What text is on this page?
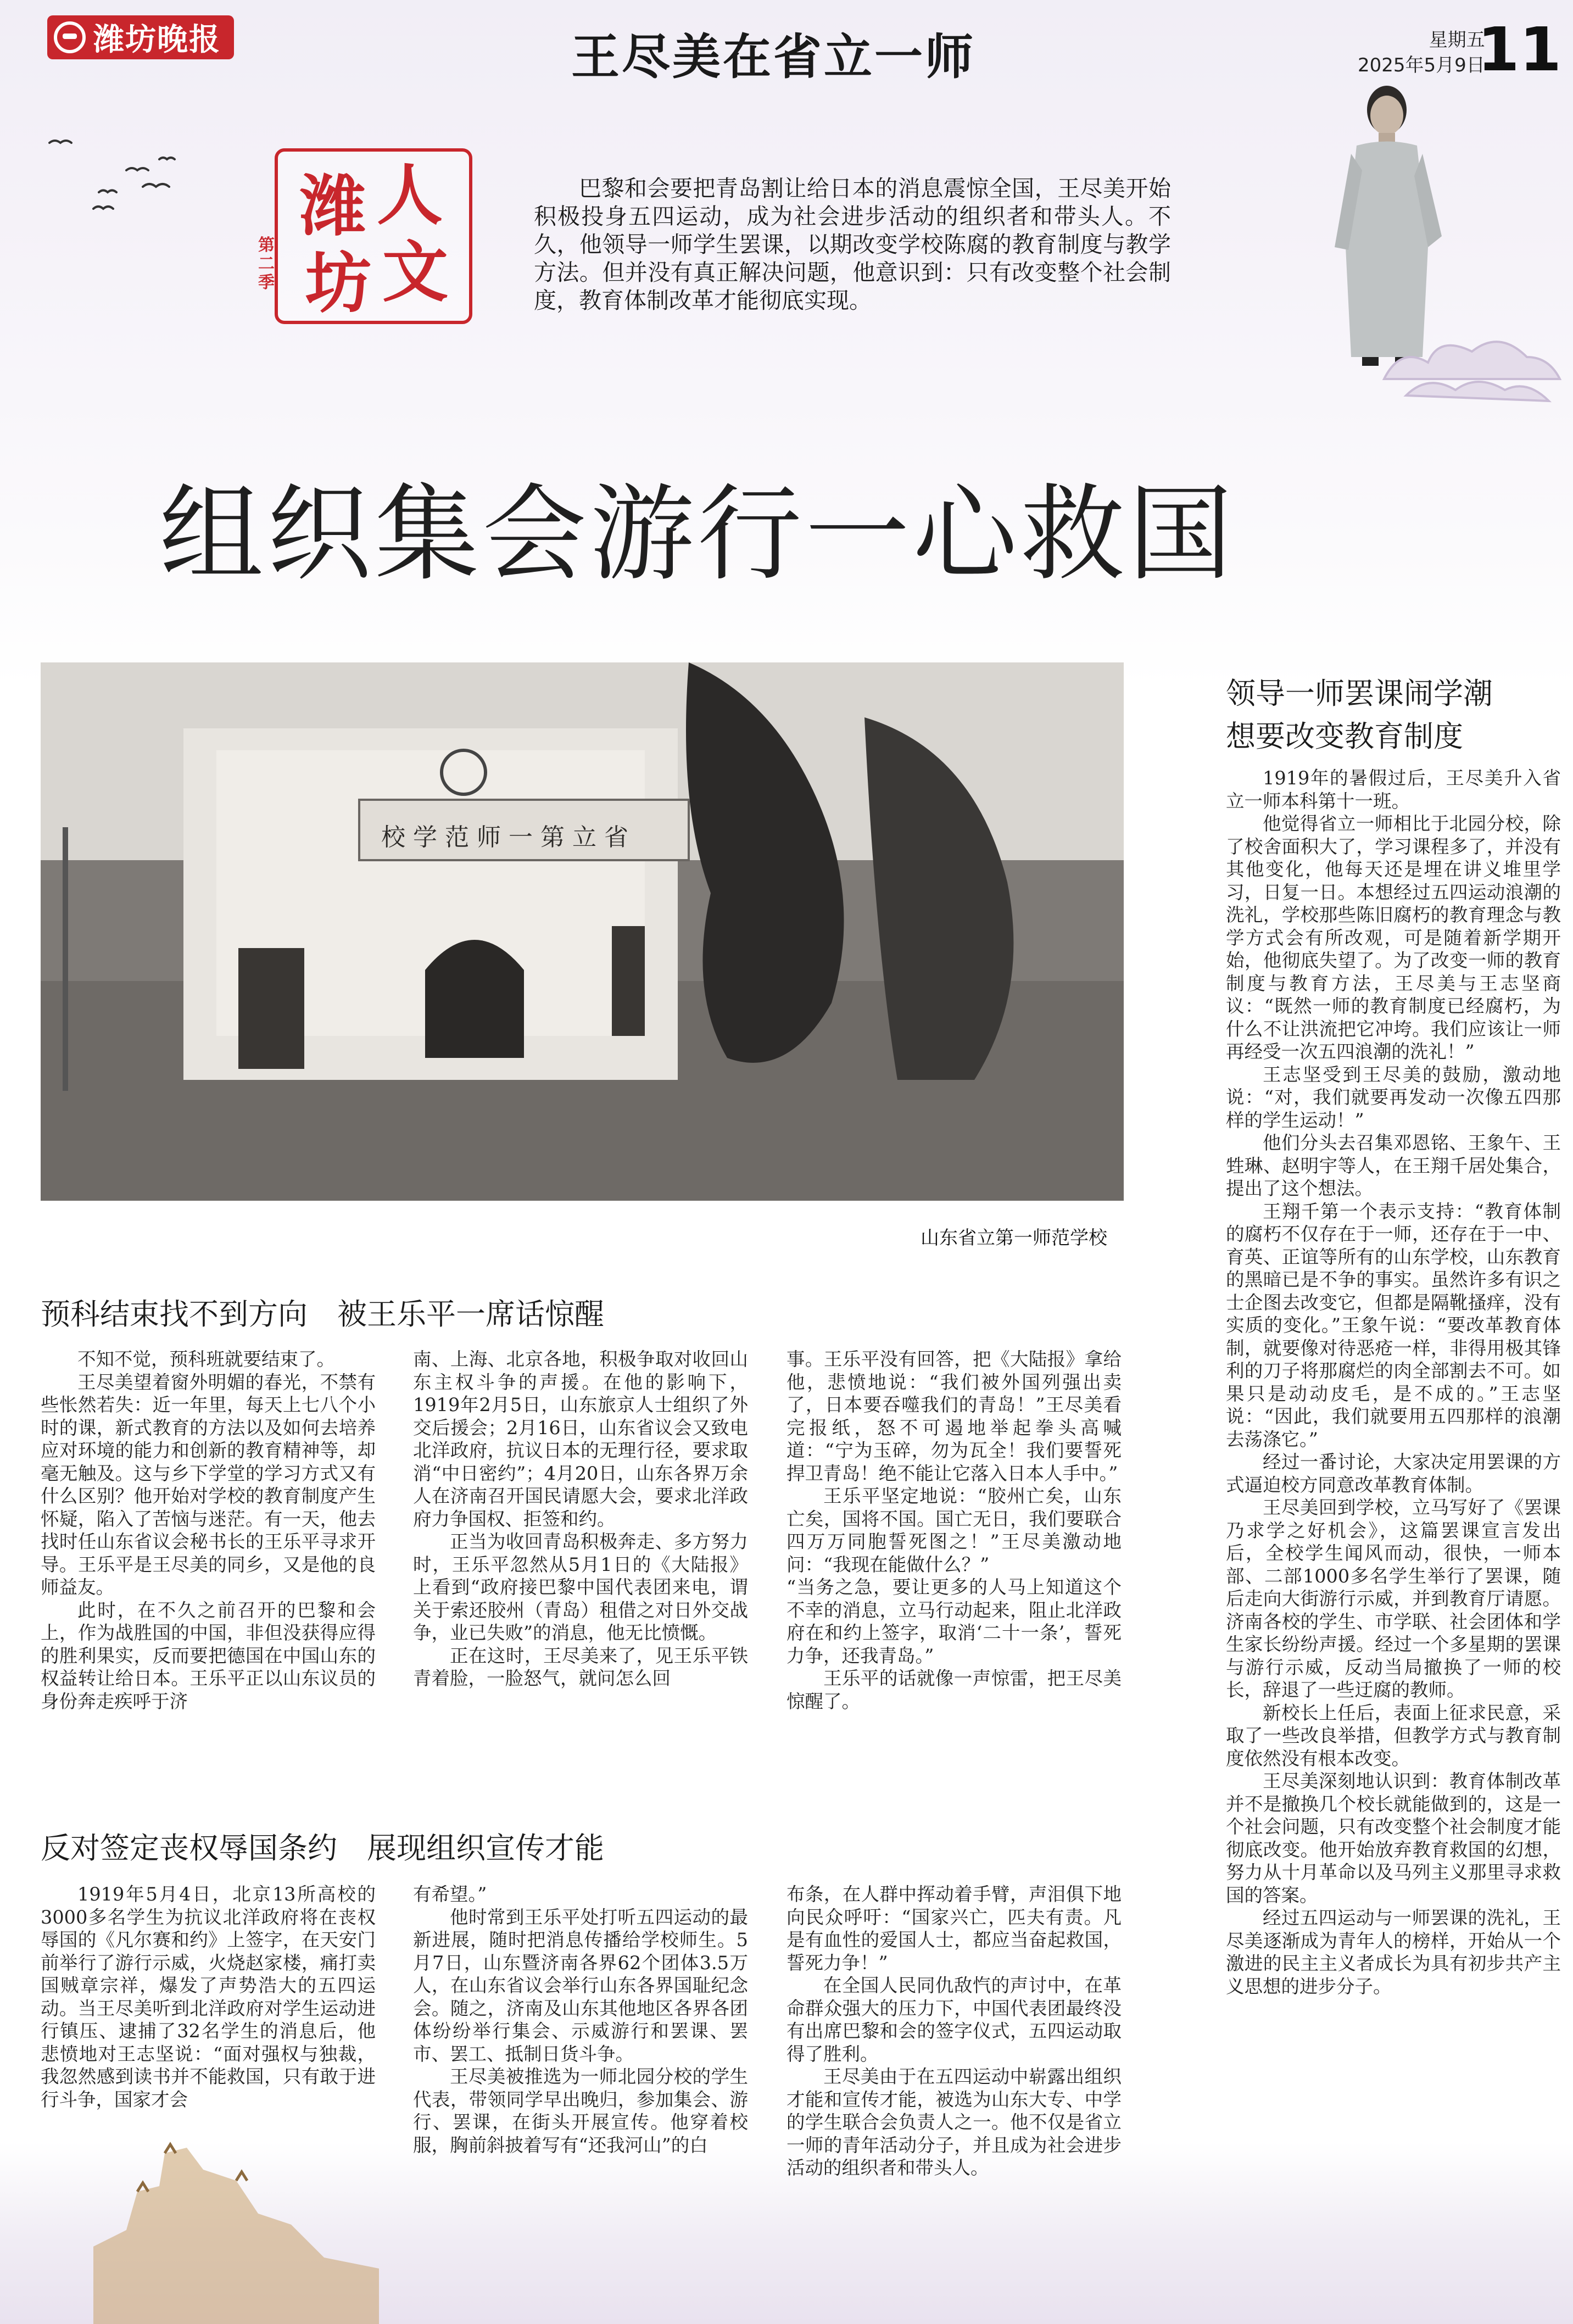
潍坊晚报	王尽美在省立一师	星期五
2025年5月9日
11
人
潍
文
坊
第二季
巴黎和会要把青岛割让给日本的消息震惊全国，王尽美开始积极投身五四运动，成为社会进步活动的组织者和带头人。不久，他领导一师学生罢课，以期改变学校陈腐的教育制度与教学方法。但并没有真正解决问题，他意识到：只有改变整个社会制度，教育体制改革才能彻底实现。
组织集会游行一心救国
省立第一师范学校
山东省立第一师范学校
预科结束找不到方向　被王乐平一席话惊醒

不知不觉，预科班就要结束了。

王尽美望着窗外明媚的春光，不禁有些怅然若失：近一年里，每天上七八个小时的课，新式教育的方法以及如何去培养应对环境的能力和创新的教育精神等，却毫无触及。这与乡下学堂的学习方式又有什么区别？他开始对学校的教育制度产生怀疑，陷入了苦恼与迷茫。有一天，他去找时任山东省议会秘书长的王乐平寻求开导。王乐平是王尽美的同乡，又是他的良师益友。

此时，在不久之前召开的巴黎和会上，作为战胜国的中国，非但没获得应得的胜利果实，反而要把德国在中国山东的权益转让给日本。王乐平正以山东议员的身份奔走疾呼于济

南、上海、北京各地，积极争取对收回山东主权斗争的声援。在他的影响下，1919年2月5日，山东旅京人士组织了外交后援会；2月16日，山东省议会又致电北洋政府，抗议日本的无理行径，要求取消“中日密约”；4月20日，山东各界万余人在济南召开国民请愿大会，要求北洋政府力争国权、拒签和约。

正当为收回青岛积极奔走、多方努力时，王乐平忽然从5月1日的《大陆报》上看到“政府接巴黎中国代表团来电，谓关于索还胶州（青岛）租借之对日外交战争，业已失败”的消息，他无比愤慨。

正在这时，王尽美来了，见王乐平铁青着脸，一脸怒气，就问怎么回

事。王乐平没有回答，把《大陆报》拿给他，悲愤地说：“我们被外国列强出卖了，日本要吞噬我们的青岛！”王尽美看完报纸，怒不可遏地举起拳头高喊道：“宁为玉碎，勿为瓦全！我们要誓死捍卫青岛！绝不能让它落入日本人手中。”

王乐平坚定地说：“胶州亡矣，山东亡矣，国将不国。国亡无日，我们要联合四万万同胞誓死图之！”王尽美激动地问：“我现在能做什么？”

“当务之急，要让更多的人马上知道这个不幸的消息，立马行动起来，阻止北洋政府在和约上签字，取消‘二十一条’，誓死力争，还我青岛。”

王乐平的话就像一声惊雷，把王尽美惊醒了。

反对签定丧权辱国条约　展现组织宣传才能

1919年5月4日，北京13所高校的3000多名学生为抗议北洋政府将在丧权辱国的《凡尔赛和约》上签字，在天安门前举行了游行示威，火烧赵家楼，痛打卖国贼章宗祥，爆发了声势浩大的五四运动。当王尽美听到北洋政府对学生运动进行镇压、逮捕了32名学生的消息后，他悲愤地对王志坚说：“面对强权与独裁，我忽然感到读书并不能救国，只有敢于进行斗争，国家才会

有希望。”

他时常到王乐平处打听五四运动的最新进展，随时把消息传播给学校师生。5月7日，山东暨济南各界62个团体3.5万人，在山东省议会举行山东各界国耻纪念会。随之，济南及山东其他地区各界各团体纷纷举行集会、示威游行和罢课、罢市、罢工、抵制日货斗争。

王尽美被推选为一师北园分校的学生代表，带领同学早出晚归，参加集会、游行、罢课，在街头开展宣传。他穿着校服，胸前斜披着写有“还我河山”的白

布条，在人群中挥动着手臂，声泪俱下地向民众呼吁：“国家兴亡，匹夫有责。凡是有血性的爱国人士，都应当奋起救国，誓死力争！”

在全国人民同仇敌忾的声讨中，在革命群众强大的压力下，中国代表团最终没有出席巴黎和会的签字仪式，五四运动取得了胜利。

王尽美由于在五四运动中崭露出组织才能和宣传才能，被选为山东大专、中学的学生联合会负责人之一。他不仅是省立一师的青年活动分子，并且成为社会进步活动的组织者和带头人。

领导一师罢课闹学潮
想要改变教育制度

1919年的暑假过后，王尽美升入省立一师本科第十一班。

他觉得省立一师相比于北园分校，除了校舍面积大了，学习课程多了，并没有其他变化，他每天还是埋在讲义堆里学习，日复一日。本想经过五四运动浪潮的洗礼，学校那些陈旧腐朽的教育理念与教学方式会有所改观，可是随着新学期开始，他彻底失望了。为了改变一师的教育制度与教育方法，王尽美与王志坚商议：“既然一师的教育制度已经腐朽，为什么不让洪流把它冲垮。我们应该让一师再经受一次五四浪潮的洗礼！”

王志坚受到王尽美的鼓励，激动地说：“对，我们就要再发动一次像五四那样的学生运动！”

他们分头去召集邓恩铭、王象午、王甡琳、赵明宇等人，在王翔千居处集合，提出了这个想法。

王翔千第一个表示支持：“教育体制的腐朽不仅存在于一师，还存在于一中、育英、正谊等所有的山东学校，山东教育的黑暗已是不争的事实。虽然许多有识之士企图去改变它，但都是隔靴搔痒，没有实质的变化。”王象午说：“要改革教育体制，就要像对待恶疮一样，非得用极其锋利的刀子将那腐烂的肉全部割去不可。如果只是动动皮毛，是不成的。”王志坚说：“因此，我们就要用五四那样的浪潮去荡涤它。”

经过一番讨论，大家决定用罢课的方式逼迫校方同意改革教育体制。

王尽美回到学校，立马写好了《罢课乃求学之好机会》，这篇罢课宣言发出后，全校学生闻风而动，很快，一师本部、二部1000多名学生举行了罢课，随后走向大街游行示威，并到教育厅请愿。济南各校的学生、市学联、社会团体和学生家长纷纷声援。经过一个多星期的罢课与游行示威，反动当局撤换了一师的校长，辞退了一些迂腐的教师。

新校长上任后，表面上征求民意，采取了一些改良举措，但教学方式与教育制度依然没有根本改变。

王尽美深刻地认识到：教育体制改革并不是撤换几个校长就能做到的，这是一个社会问题，只有改变整个社会制度才能彻底改变。他开始放弃教育救国的幻想，努力从十月革命以及马列主义那里寻求救国的答案。

经过五四运动与一师罢课的洗礼，王尽美逐渐成为青年人的榜样，开始从一个激进的民主主义者成长为具有初步共产主义思想的进步分子。
